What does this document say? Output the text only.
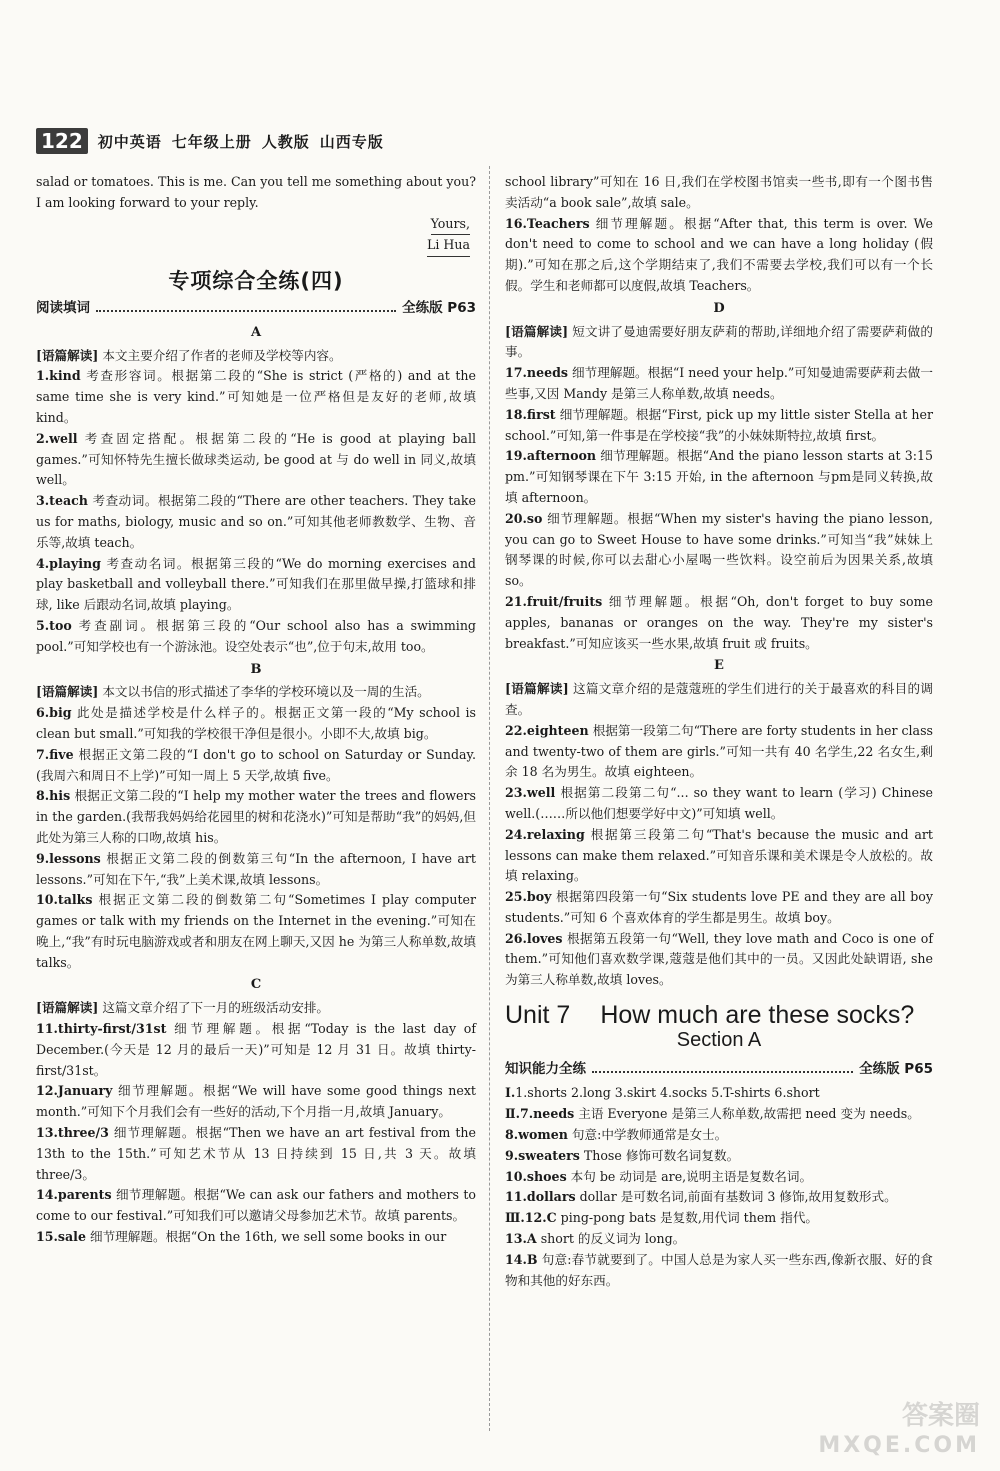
122	初中英语 七年级上册 人教版 山西专版

salad or tomatoes. This is me. Can you tell me something about you? I am looking forward to your reply.

Yours,
Li Hua
专项综合全练(四)
阅读填词	全练版 P63
A

[语篇解读] 本文主要介绍了作者的老师及学校等内容。

1.kind 考查形容词。根据第二段的“She is strict (严格的) and at the same time she is very kind.”可知她是一位严格但是友好的老师,故填 kind。

2.well 考查固定搭配。根据第二段的“He is good at playing ball games.”可知怀特先生擅长做球类运动, be good at 与 do well in 同义,故填 well。

3.teach 考查动词。根据第二段的“There are other teachers. They take us for maths, biology, music and so on.”可知其他老师教数学、生物、音乐等,故填 teach。

4.playing 考查动名词。根据第三段的“We do morning exercises and play basketball and volleyball there.”可知我们在那里做早操,打篮球和排球, like 后跟动名词,故填 playing。

5.too 考查副词。根据第三段的“Our school also has a swimming pool.”可知学校也有一个游泳池。设空处表示“也”,位于句末,故用 too。

B

[语篇解读] 本文以书信的形式描述了李华的学校环境以及一周的生活。

6.big 此处是描述学校是什么样子的。根据正文第一段的“My school is clean but small.”可知我的学校很干净但是很小。小即不大,故填 big。

7.five 根据正文第二段的“I don't go to school on Saturday or Sunday.(我周六和周日不上学)”可知一周上 5 天学,故填 five。

8.his 根据正文第二段的“I help my mother water the trees and flowers in the garden.(我帮我妈妈给花园里的树和花浇水)”可知是帮助“我”的妈妈,但此处为第三人称的口吻,故填 his。

9.lessons 根据正文第二段的倒数第三句“In the afternoon, I have art lessons.”可知在下午,“我”上美术课,故填 lessons。

10.talks 根据正文第二段的倒数第二句“Sometimes I play computer games or talk with my friends on the Internet in the evening.”可知在晚上,“我”有时玩电脑游戏或者和朋友在网上聊天,又因 he 为第三人称单数,故填 talks。

C

[语篇解读] 这篇文章介绍了下一月的班级活动安排。

11.thirty-first/31st 细节理解题。根据“Today is the last day of December.(今天是 12 月的最后一天)”可知是 12 月 31 日。故填 thirty-first/31st。

12.January 细节理解题。根据“We will have some good things next month.”可知下个月我们会有一些好的活动,下个月指一月,故填 January。

13.three/3 细节理解题。根据“Then we have an art festival from the 13th to the 15th.”可知艺术节从 13 日持续到 15 日,共 3 天。故填 three/3。

14.parents 细节理解题。根据“We can ask our fathers and mothers to come to our festival.”可知我们可以邀请父母参加艺术节。故填 parents。

15.sale 细节理解题。根据“On the 16th, we sell some books in our

school library”可知在 16 日,我们在学校图书馆卖一些书,即有一个图书售卖活动“a book sale”,故填 sale。

16.Teachers 细节理解题。根据“After that, this term is over. We don't need to come to school and we can have a long holiday (假期).”可知在那之后,这个学期结束了,我们不需要去学校,我们可以有一个长假。学生和老师都可以度假,故填 Teachers。

D

[语篇解读] 短文讲了曼迪需要好朋友萨莉的帮助,详细地介绍了需要萨莉做的事。

17.needs 细节理解题。根据“I need your help.”可知曼迪需要萨莉去做一些事,又因 Mandy 是第三人称单数,故填 needs。

18.first 细节理解题。根据“First, pick up my little sister Stella at her school.”可知,第一件事是在学校接“我”的小妹妹斯特拉,故填 first。

19.afternoon 细节理解题。根据“And the piano lesson starts at 3:15 pm.”可知钢琴课在下午 3:15 开始, in the afternoon 与pm是同义转换,故填 afternoon。

20.so 细节理解题。根据“When my sister's having the piano lesson, you can go to Sweet House to have some drinks.”可知当“我”妹妹上钢琴课的时候,你可以去甜心小屋喝一些饮料。设空前后为因果关系,故填 so。

21.fruit/fruits 细节理解题。根据“Oh, don't forget to buy some apples, bananas or oranges on the way. They're my sister's breakfast.”可知应该买一些水果,故填 fruit 或 fruits。

E

[语篇解读] 这篇文章介绍的是蔻蔻班的学生们进行的关于最喜欢的科目的调查。

22.eighteen 根据第一段第二句“There are forty students in her class and twenty-two of them are girls.”可知一共有 40 名学生,22 名女生,剩余 18 名为男生。故填 eighteen。

23.well 根据第二段第二句“... so they want to learn (学习) Chinese well.(……所以他们想要学好中文)”可知填 well。

24.relaxing 根据第三段第二句“That's because the music and art lessons can make them relaxed.”可知音乐课和美术课是令人放松的。故填 relaxing。

25.boy 根据第四段第一句“Six students love PE and they are all boy students.”可知 6 个喜欢体育的学生都是男生。故填 boy。

26.loves 根据第五段第一句“Well, they love math and Coco is one of them.”可知他们喜欢数学课,蔻蔻是他们其中的一员。又因此处缺谓语, she 为第三人称单数,故填 loves。

Unit 7 How much are these socks?
Section A
知识能力全练	全练版 P65

Ⅰ.1.shorts 2.long 3.skirt 4.socks 5.T-shirts 6.short

Ⅱ.7.needs 主语 Everyone 是第三人称单数,故需把 need 变为 needs。

8.women 句意:中学教师通常是女士。

9.sweaters Those 修饰可数名词复数。

10.shoes 本句 be 动词是 are,说明主语是复数名词。

11.dollars dollar 是可数名词,前面有基数词 3 修饰,故用复数形式。

Ⅲ.12.C ping-pong bats 是复数,用代词 them 指代。

13.A short 的反义词为 long。

14.B 句意:春节就要到了。中国人总是为家人买一些东西,像新衣服、好的食物和其他的好东西。

答案圈
MXQE.COM
